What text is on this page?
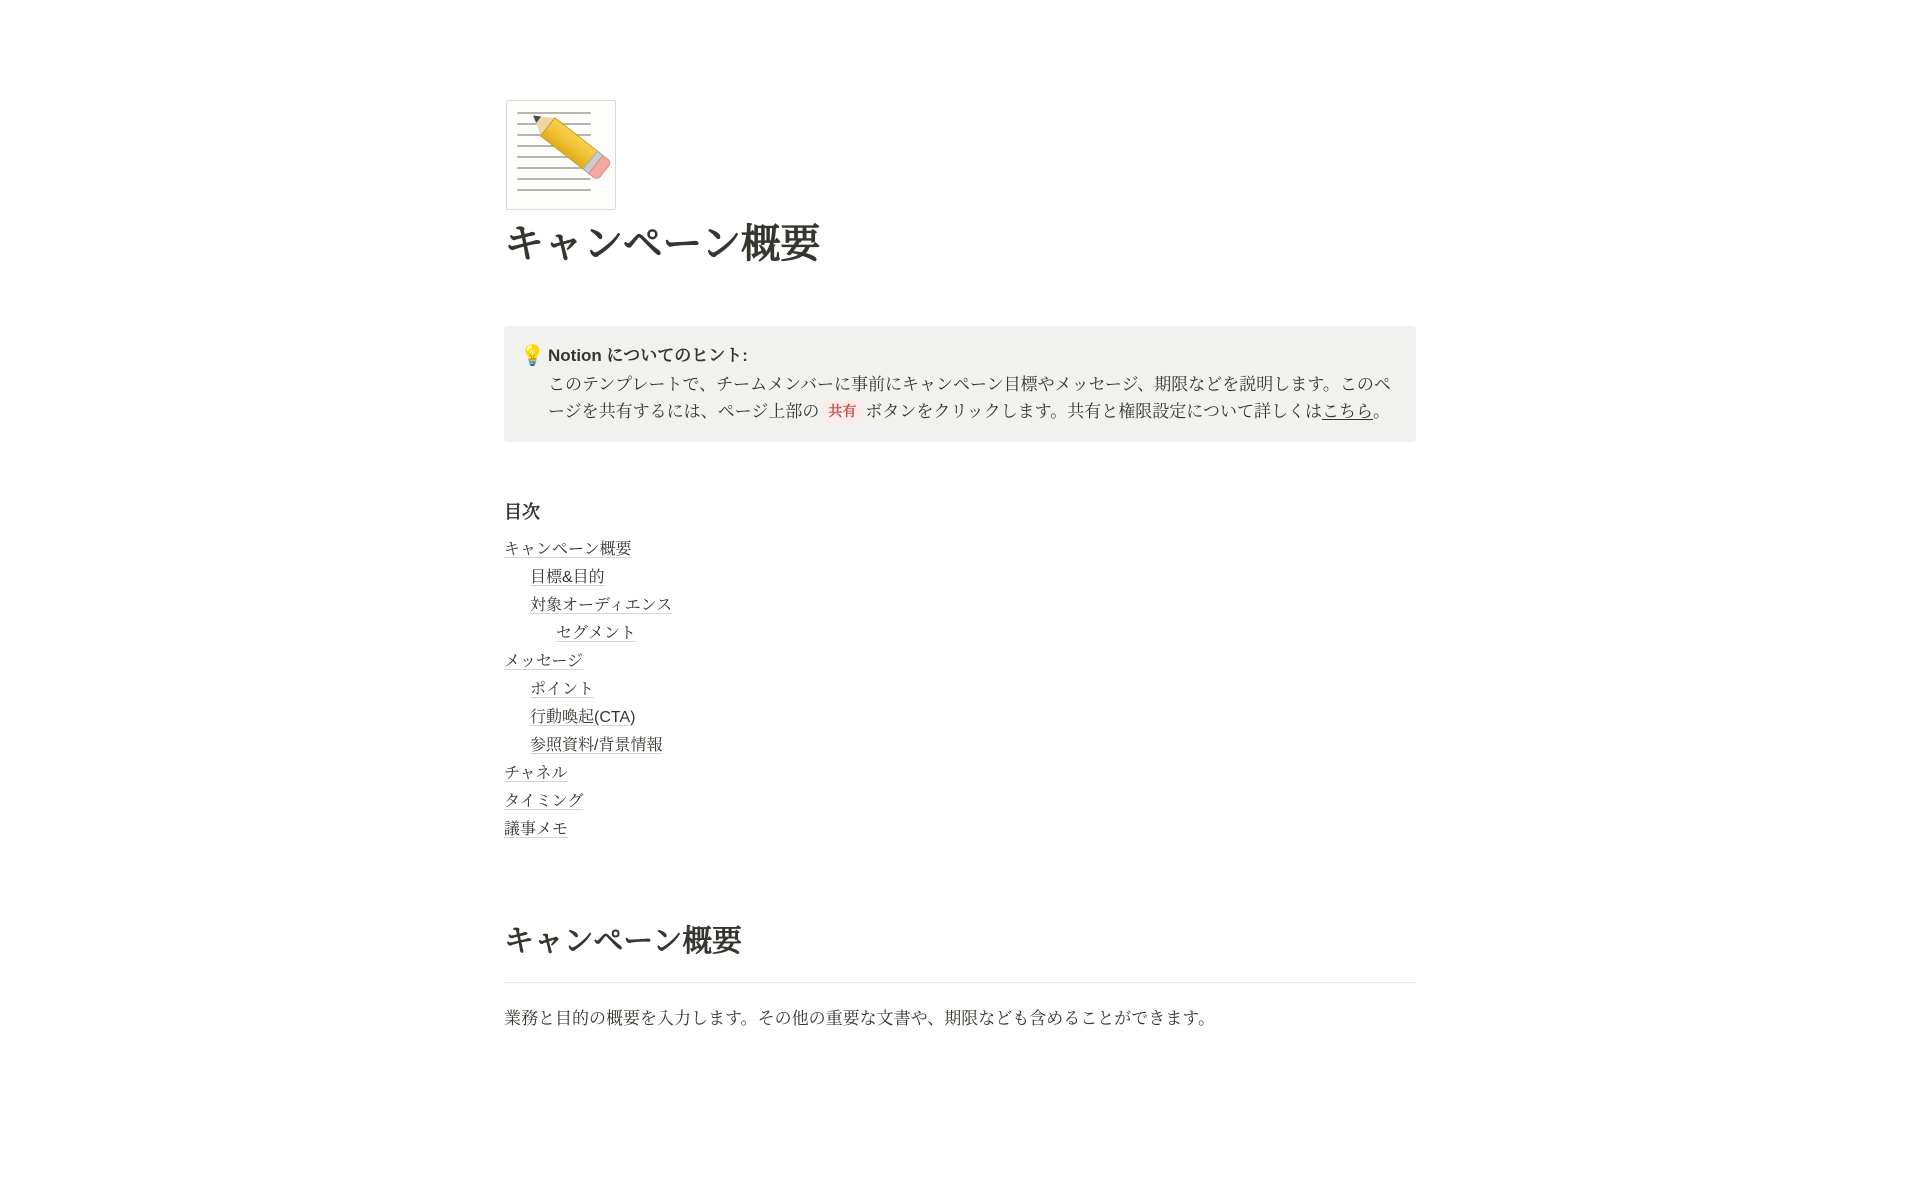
キャンペーン概要
💡 Notion についてのヒント:
このテンプレートで、チームメンバーに事前にキャンペーン目標やメッセージ、期限などを説明します。このページを共有するには、ページ上部の 共有 ボタンをクリックします。共有と権限設定について詳しくはこちら。
目次
キャンペーン概要
目標&目的
対象オーディエンス
セグメント
メッセージ
ポイント
行動喚起(CTA)
参照資料/背景情報
チャネル
タイミング
議事メモ
キャンペーン概要

業務と目的の概要を入力します。その他の重要な文書や、期限なども含めることができます。
